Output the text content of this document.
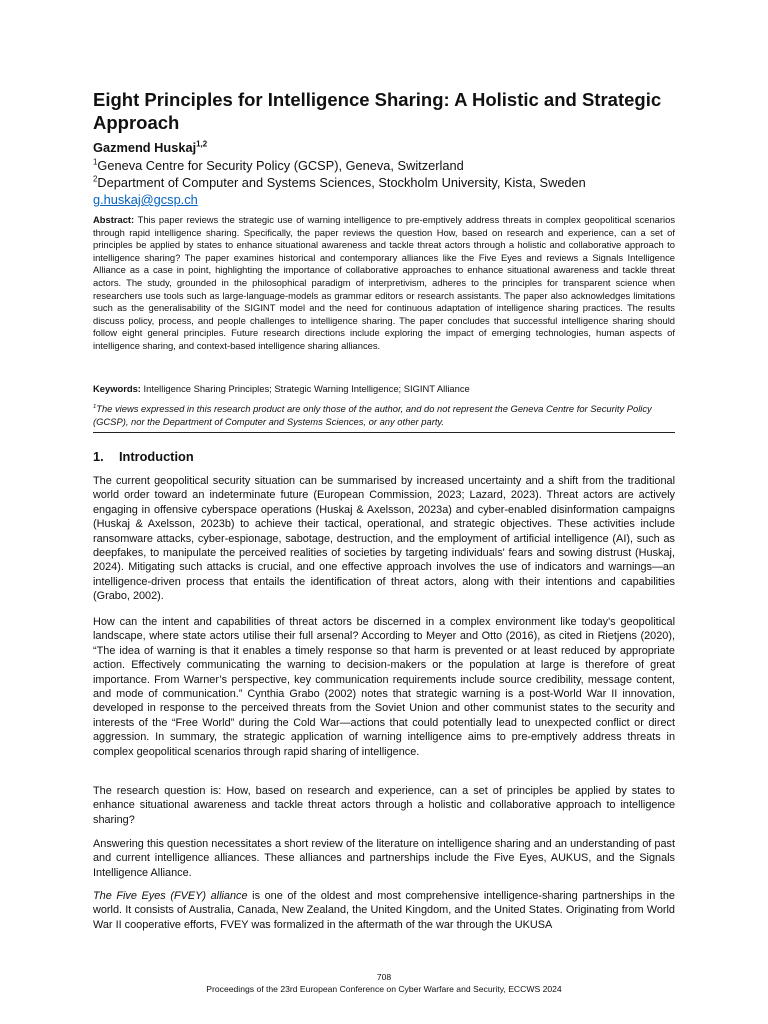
Eight Principles for Intelligence Sharing: A Holistic and Strategic Approach
Gazmend Huskaj$^{1,2}$
$^1$Geneva Centre for Security Policy (GCSP), Geneva, Switzerland
$^2$Department of Computer and Systems Sciences, Stockholm University, Kista, Sweden
g.huskaj@gcsp.ch

Abstract: This paper reviews the strategic use of warning intelligence to pre-emptively address threats in complex geopolitical scenarios through rapid intelligence sharing. Specifically, the paper reviews the question How, based on research and experience, can a set of principles be applied by states to enhance situational awareness and tackle threat actors through a holistic and collaborative approach to intelligence sharing? The paper examines historical and contemporary alliances like the Five Eyes and reviews a Signals Intelligence Alliance as a case in point, highlighting the importance of collaborative approaches to enhance situational awareness and tackle threat actors. The study, grounded in the philosophical paradigm of interpretivism, adheres to the principles for transparent science when researchers use tools such as large-language-models as grammar editors or research assistants. The paper also acknowledges limitations such as the generalisability of the SIGINT model and the need for continuous adaptation of intelligence sharing practices. The results discuss policy, process, and people challenges to intelligence sharing. The paper concludes that successful intelligence sharing should follow eight general principles. Future research directions include exploring the impact of emerging technologies, human aspects of intelligence sharing, and context-based intelligence sharing alliances.

Keywords: Intelligence Sharing Principles; Strategic Warning Intelligence; SIGINT Alliance

$^1$The views expressed in this research product are only those of the author, and do not represent the Geneva Centre for Security Policy (GCSP), nor the Department of Computer and Systems Sciences, or any other party.

1. Introduction

The current geopolitical security situation can be summarised by increased uncertainty and a shift from the traditional world order toward an indeterminate future (European Commission, 2023; Lazard, 2023). Threat actors are actively engaging in offensive cyberspace operations (Huskaj & Axelsson, 2023a) and cyber-enabled disinformation campaigns (Huskaj & Axelsson, 2023b) to achieve their tactical, operational, and strategic objectives. These activities include ransomware attacks, cyber-espionage, sabotage, destruction, and the employment of artificial intelligence (AI), such as deepfakes, to manipulate the perceived realities of societies by targeting individuals' fears and sowing distrust (Huskaj, 2024). Mitigating such attacks is crucial, and one effective approach involves the use of indicators and warnings—an intelligence-driven process that entails the identification of threat actors, along with their intentions and capabilities (Grabo, 2002).

How can the intent and capabilities of threat actors be discerned in a complex environment like today's geopolitical landscape, where state actors utilise their full arsenal? According to Meyer and Otto (2016), as cited in Rietjens (2020), “The idea of warning is that it enables a timely response so that harm is prevented or at least reduced by appropriate action. Effectively communicating the warning to decision-makers or the population at large is therefore of great importance. From Warner’s perspective, key communication requirements include source credibility, message content, and mode of communication.” Cynthia Grabo (2002) notes that strategic warning is a post-World War II innovation, developed in response to the perceived threats from the Soviet Union and other communist states to the security and interests of the “Free World” during the Cold War—actions that could potentially lead to unexpected conflict or direct aggression. In summary, the strategic application of warning intelligence aims to pre-emptively address threats in complex geopolitical scenarios through rapid sharing of intelligence.

The research question is: How, based on research and experience, can a set of principles be applied by states to enhance situational awareness and tackle threat actors through a holistic and collaborative approach to intelligence sharing?

Answering this question necessitates a short review of the literature on intelligence sharing and an understanding of past and current intelligence alliances. These alliances and partnerships include the Five Eyes, AUKUS, and the Signals Intelligence Alliance.

The Five Eyes (FVEY) alliance is one of the oldest and most comprehensive intelligence-sharing partnerships in the world. It consists of Australia, Canada, New Zealand, the United Kingdom, and the United States. Originating from World War II cooperative efforts, FVEY was formalized in the aftermath of the war through the UKUSA

708
Proceedings of the 23rd European Conference on Cyber Warfare and Security, ECCWS 2024
